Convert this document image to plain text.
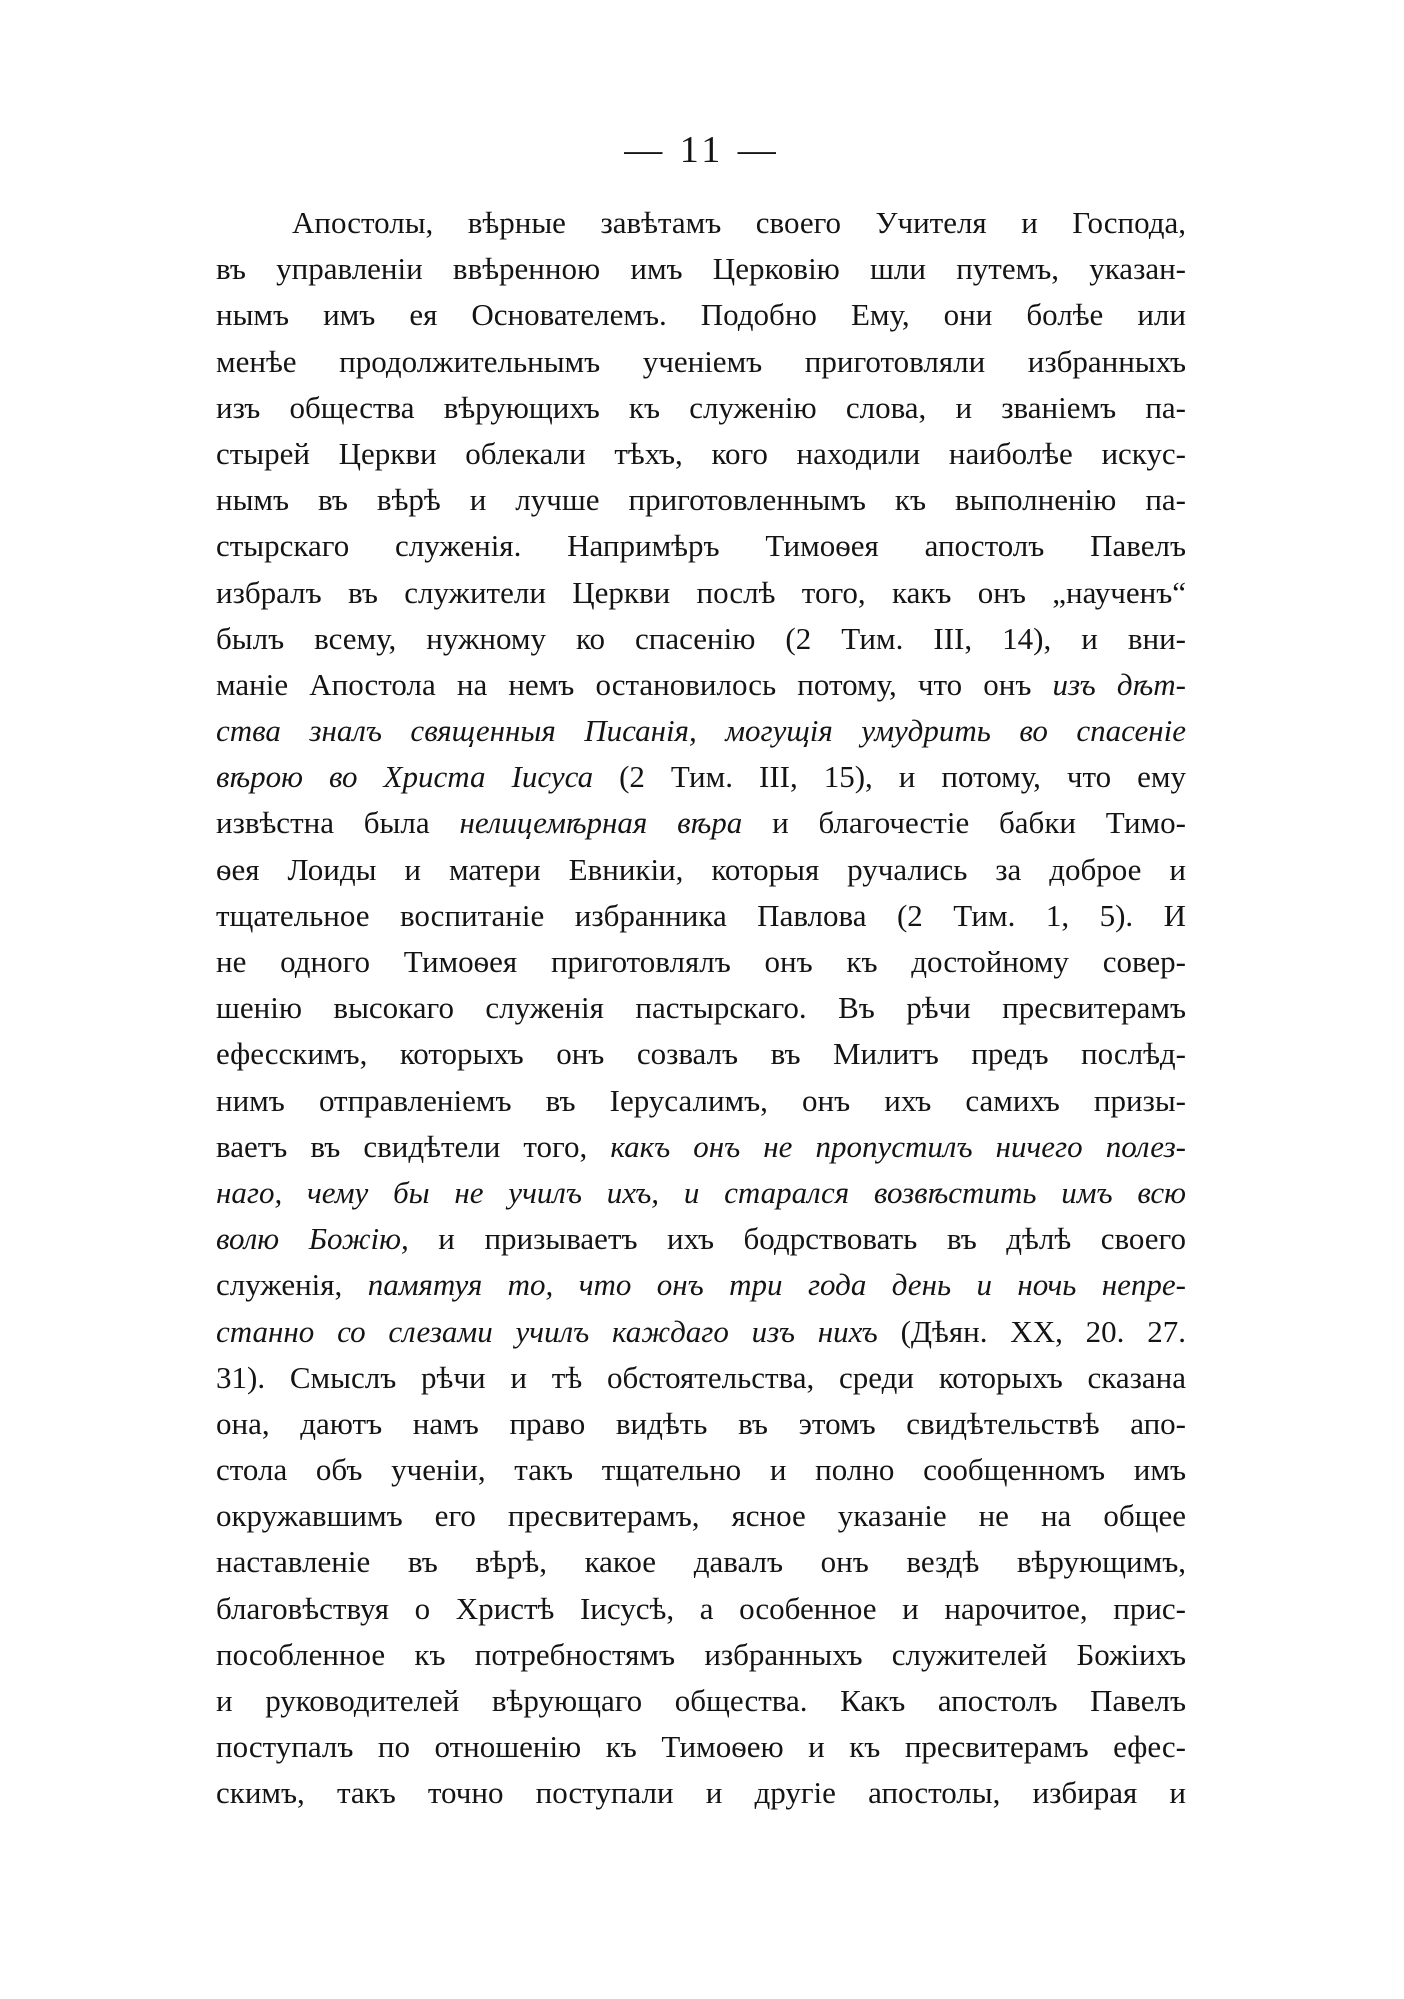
— 11 —
Апостолы, вѣрные завѣтамъ своего Учителя и Господа,
въ управленіи ввѣренною имъ Церковію шли путемъ, указан-
нымъ имъ ея Основателемъ. Подобно Ему, они болѣе или
менѣе продолжительнымъ ученіемъ приготовляли избранныхъ
изъ общества вѣрующихъ къ служенію слова, и званіемъ па-
стырей Церкви облекали тѣхъ, кого находили наиболѣе искус-
нымъ въ вѣрѣ и лучше приготовленнымъ къ выполненію па-
стырскаго служенія. Напримѣръ Тимоѳея апостолъ Павелъ
избралъ въ служители Церкви послѣ того, какъ онъ „наученъ“
былъ всему, нужному ко спасенію (2 Тим. III, 14), и вни-
маніе Апостола на немъ остановилось потому, что онъ изъ дѣт-
ства зналъ священныя Писанія, могущія умудрить во спасеніе
вѣрою во Христа Іисуса (2 Тим. III, 15), и потому, что ему
извѣстна была нелицемѣрная вѣра и благочестіе бабки Тимо-
ѳея Лоиды и матери Евникіи, которыя ручались за доброе и
тщательное воспитаніе избранника Павлова (2 Тим. 1, 5). И
не одного Тимоѳея приготовлялъ онъ къ достойному совер-
шенію высокаго служенія пастырскаго. Въ рѣчи пресвитерамъ
ефесскимъ, которыхъ онъ созвалъ въ Милитъ предъ послѣд-
нимъ отправленіемъ въ Іерусалимъ, онъ ихъ самихъ призы-
ваетъ въ свидѣтели того, какъ онъ не пропустилъ ничего полез-
наго, чему бы не училъ ихъ, и старался возвѣстить имъ всю
волю Божію, и призываетъ ихъ бодрствовать въ дѣлѣ своего
служенія, памятуя то, что онъ три года день и ночь непре-
станно со слезами училъ каждаго изъ нихъ (Дѣян. XX, 20. 27.
31). Смыслъ рѣчи и тѣ обстоятельства, среди которыхъ сказана
она, даютъ намъ право видѣть въ этомъ свидѣтельствѣ апо-
стола объ ученіи, такъ тщательно и полно сообщенномъ имъ
окружавшимъ его пресвитерамъ, ясное указаніе не на общее
наставленіе въ вѣрѣ, какое давалъ онъ вездѣ вѣрующимъ,
благовѣствуя о Христѣ Іисусѣ, а особенное и нарочитое, прис-
пособленное къ потребностямъ избранныхъ служителей Божіихъ
и руководителей вѣрующаго общества. Какъ апостолъ Павелъ
поступалъ по отношенію къ Тимоѳею и къ пресвитерамъ ефес-
скимъ, такъ точно поступали и другіе апостолы, избирая и
